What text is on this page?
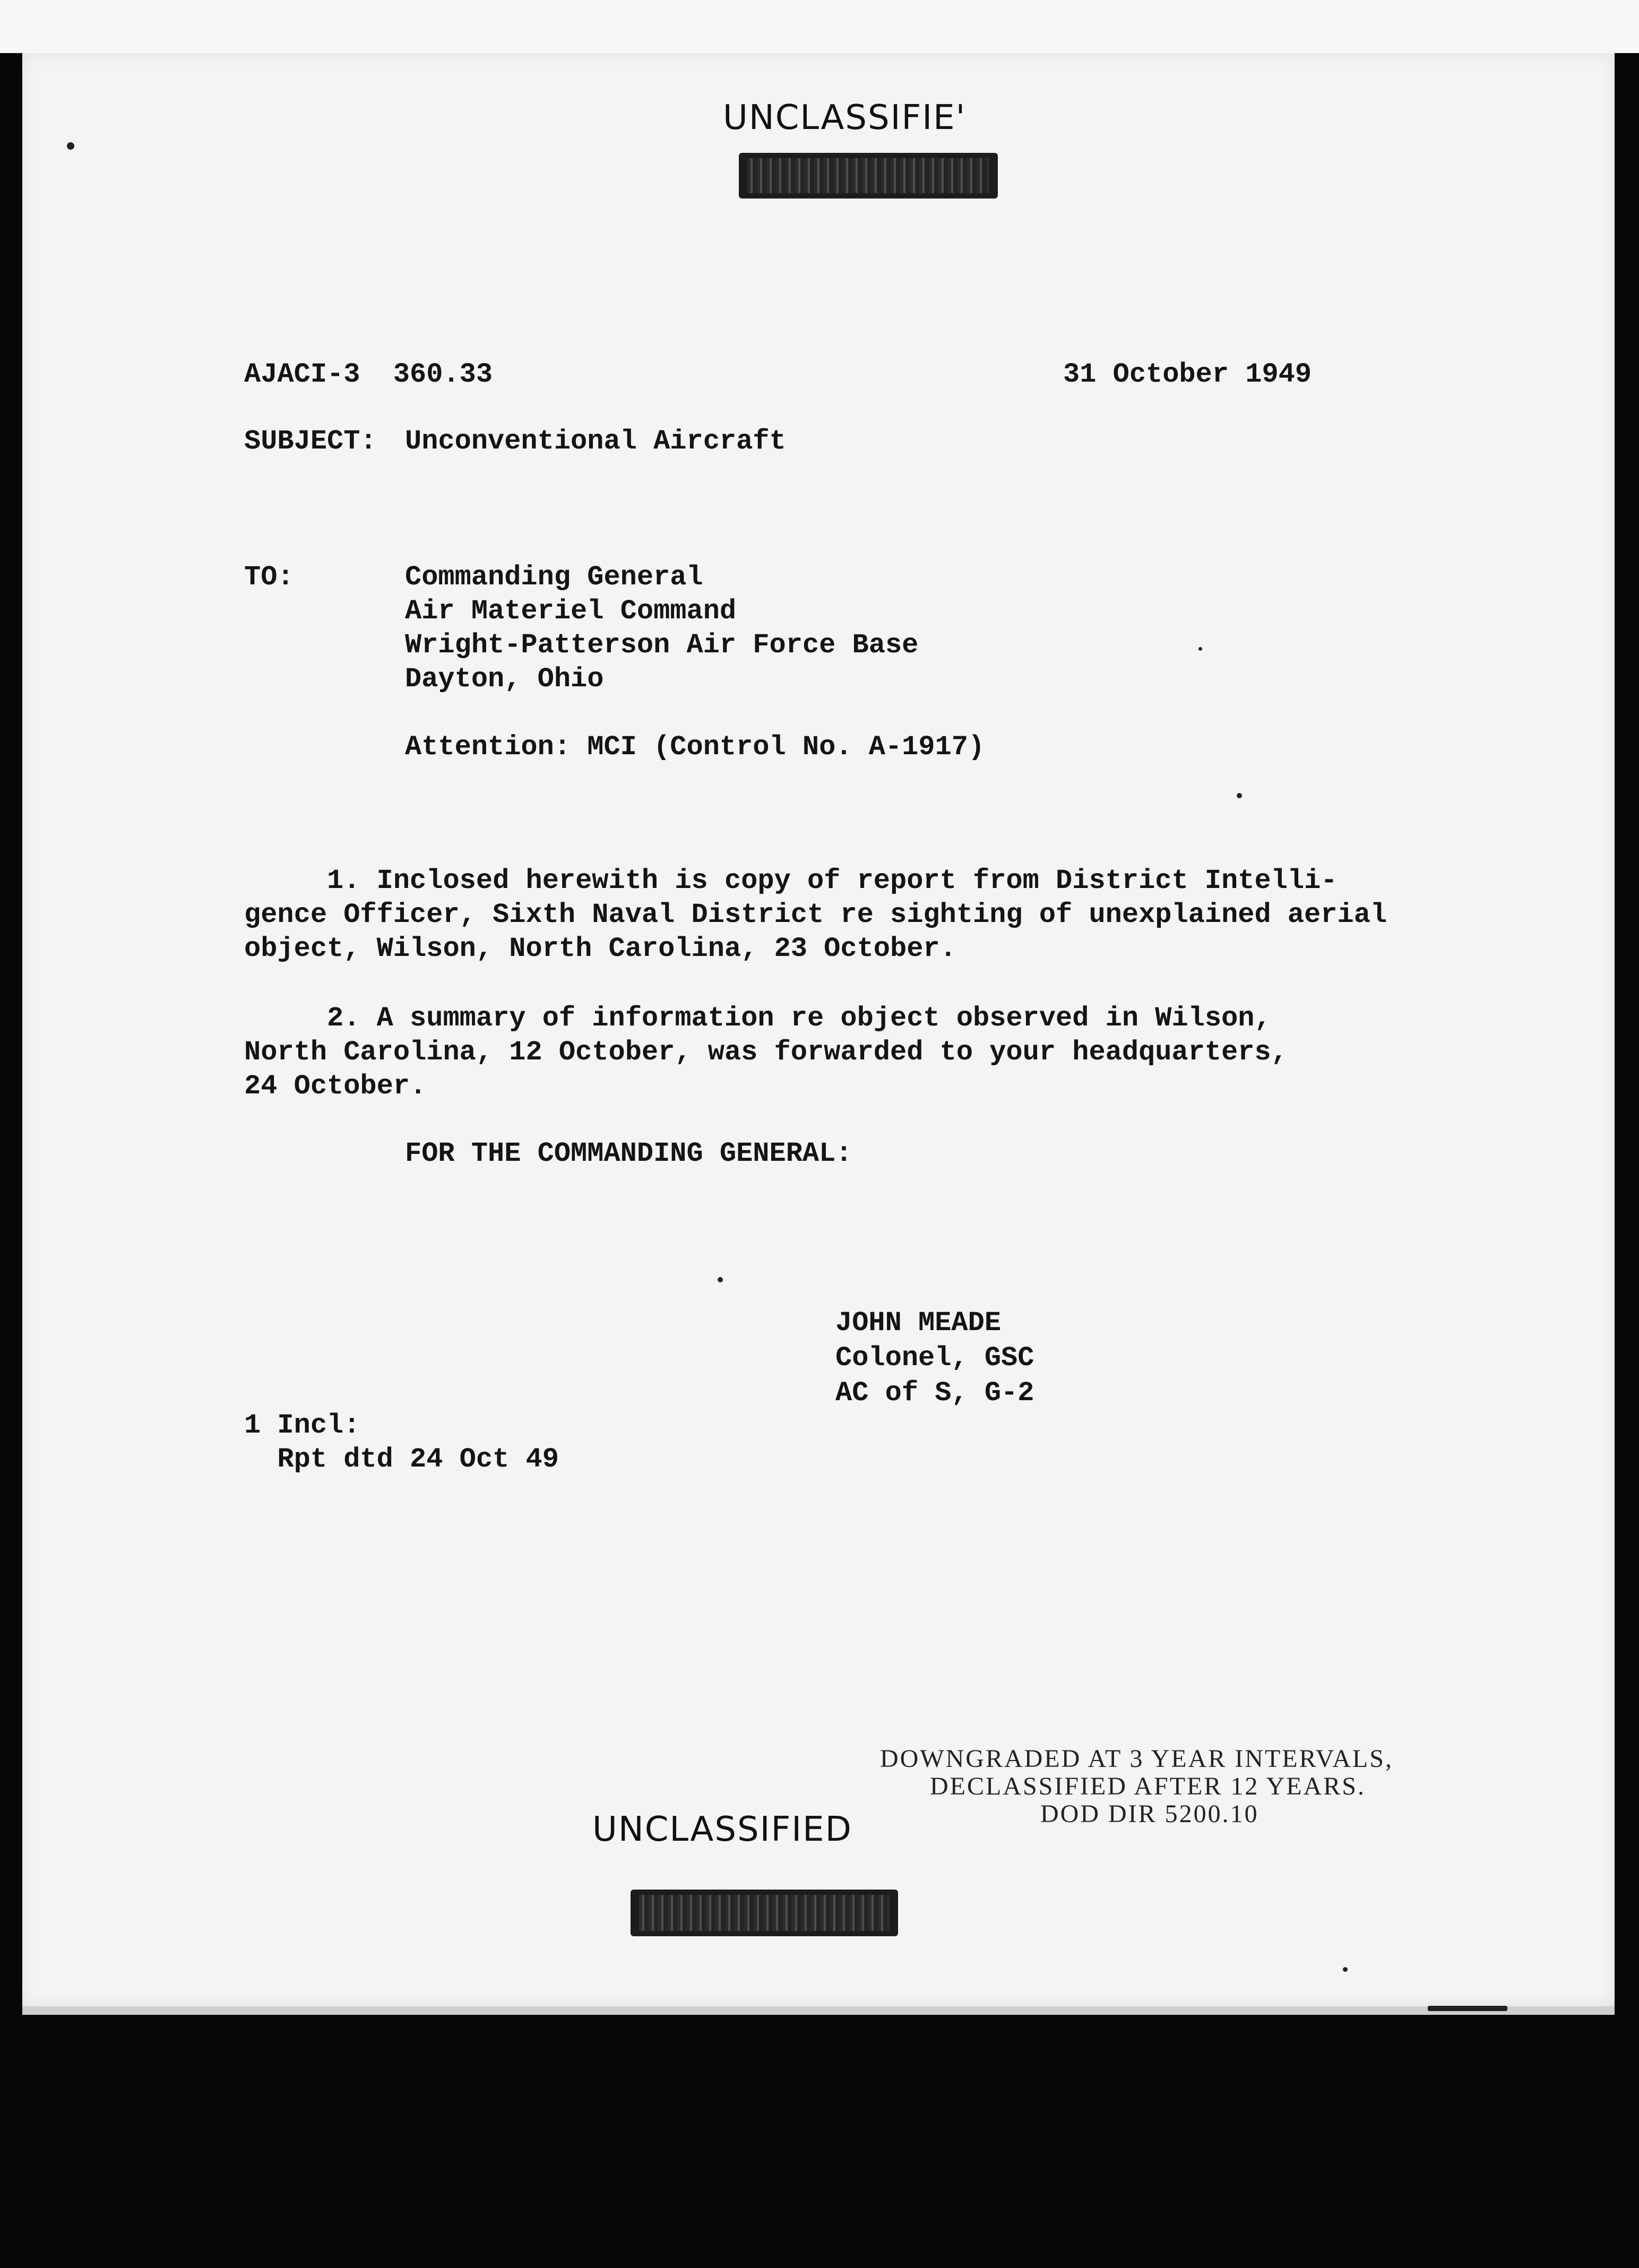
UNCLASSIFIE'
AJACI-3  360.33	31 October 1949
SUBJECT: Unconventional Aircraft
TO:	Commanding General
Air Materiel Command
Wright-Patterson Air Force Base
Dayton, Ohio
Attention: MCI (Control No. A-1917)
1. Inclosed herewith is copy of report from District Intelli-
gence Officer, Sixth Naval District re sighting of unexplained aerial
object, Wilson, North Carolina, 23 October.
2. A summary of information re object observed in Wilson,
North Carolina, 12 October, was forwarded to your headquarters,
24 October.
FOR THE COMMANDING GENERAL:
JOHN MEADE
Colonel, GSC
AC of S, G-2
1 Incl:
Rpt dtd 24 Oct 49
DOWNGRADED AT 3 YEAR INTERVALS,
DECLASSIFIED AFTER 12 YEARS.
DOD DIR 5200.10
UNCLASSIFIED
